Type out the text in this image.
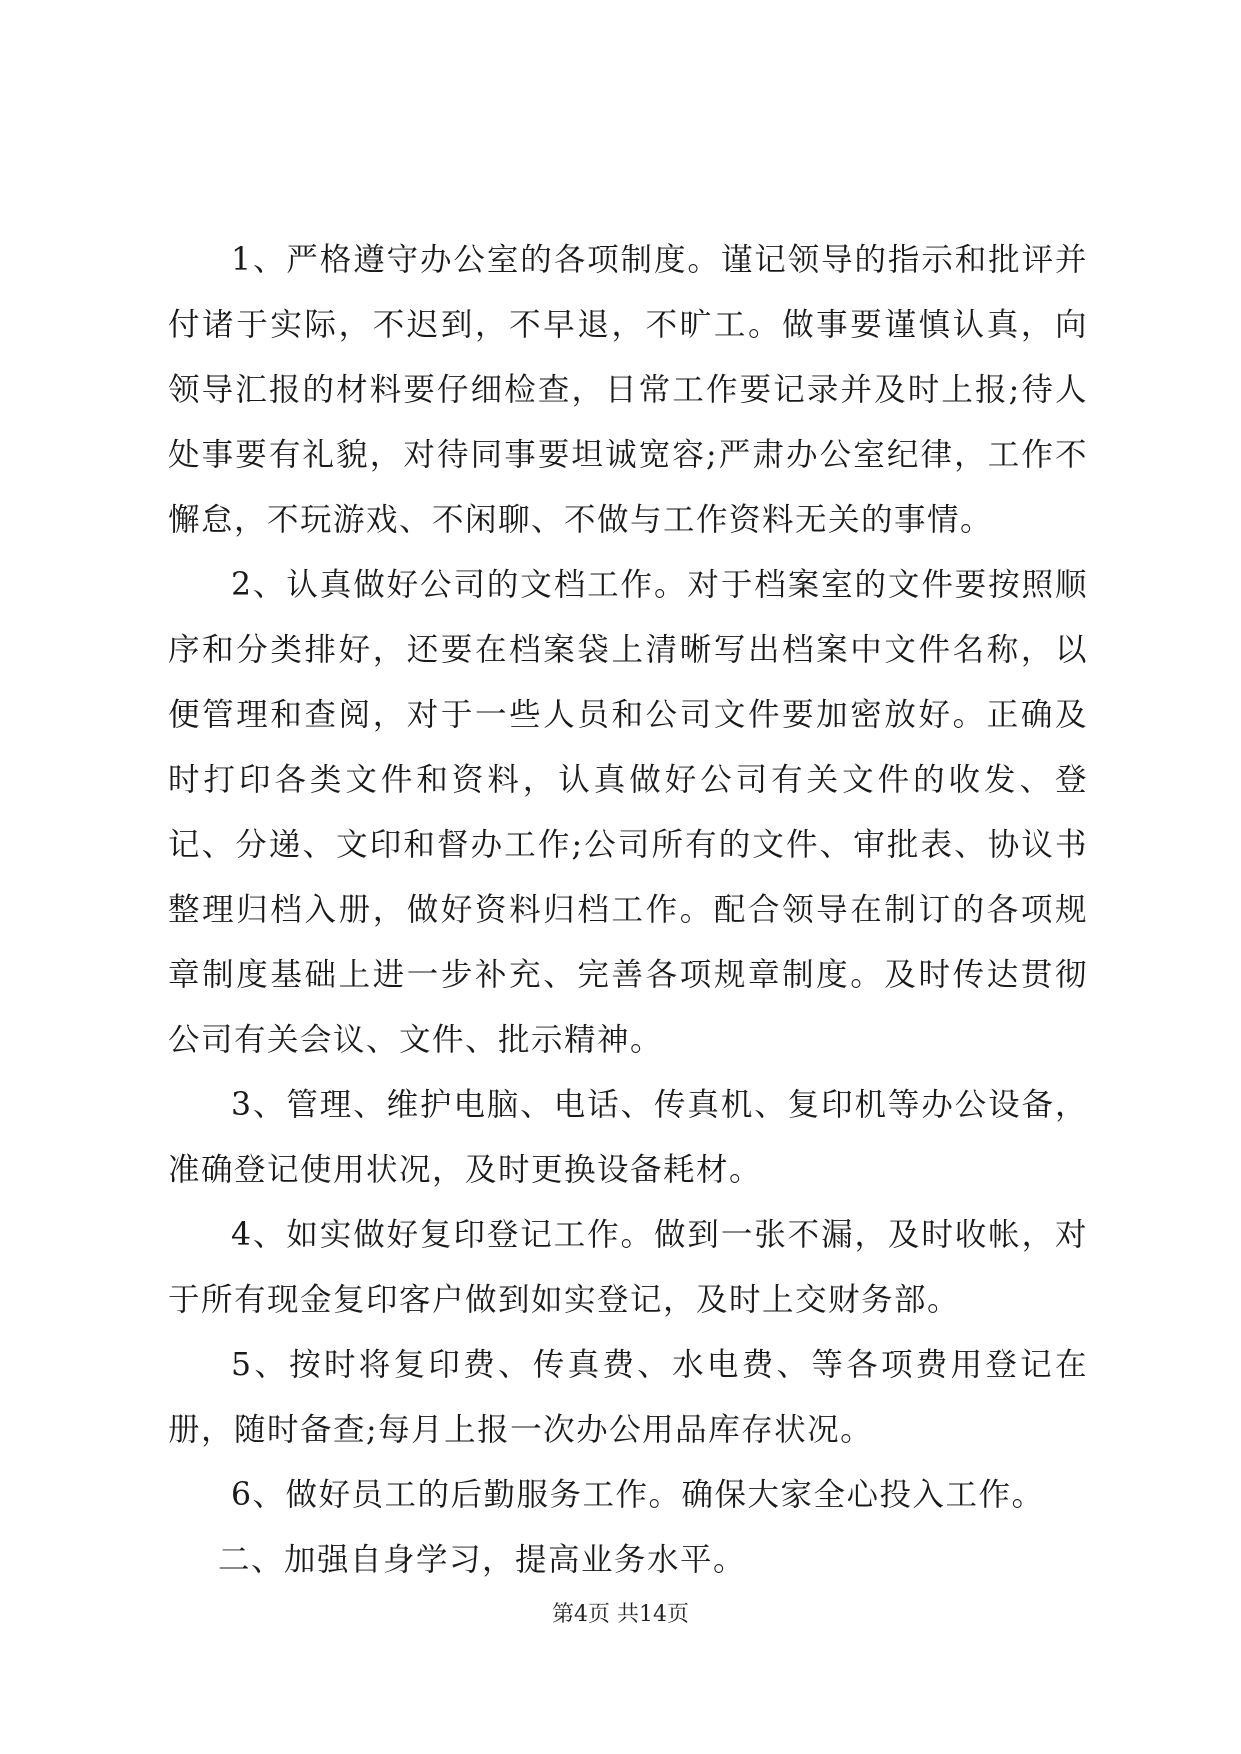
1、严格遵守办公室的各项制度。谨记领导的指示和批评并付诸于实际，不迟到，不早退，不旷工。做事要谨慎认真，向领导汇报的材料要仔细检查，日常工作要记录并及时上报;待人处事要有礼貌，对待同事要坦诚宽容;严肃办公室纪律，工作不懈怠，不玩游戏、不闲聊、不做与工作资料无关的事情。

2、认真做好公司的文档工作。对于档案室的文件要按照顺序和分类排好，还要在档案袋上清晰写出档案中文件名称，以便管理和查阅，对于一些人员和公司文件要加密放好。正确及时打印各类文件和资料，认真做好公司有关文件的收发、登记、分递、文印和督办工作;公司所有的文件、审批表、协议书整理归档入册，做好资料归档工作。配合领导在制订的各项规章制度基础上进一步补充、完善各项规章制度。及时传达贯彻公司有关会议、文件、批示精神。

3、管理、维护电脑、电话、传真机、复印机等办公设备，准确登记使用状况，及时更换设备耗材。

4、如实做好复印登记工作。做到一张不漏，及时收帐，对于所有现金复印客户做到如实登记，及时上交财务部。

5、按时将复印费、传真费、水电费、等各项费用登记在册，随时备查;每月上报一次办公用品库存状况。

6、做好员工的后勤服务工作。确保大家全心投入工作。

二、加强自身学习，提高业务水平。

第4页 共14页
